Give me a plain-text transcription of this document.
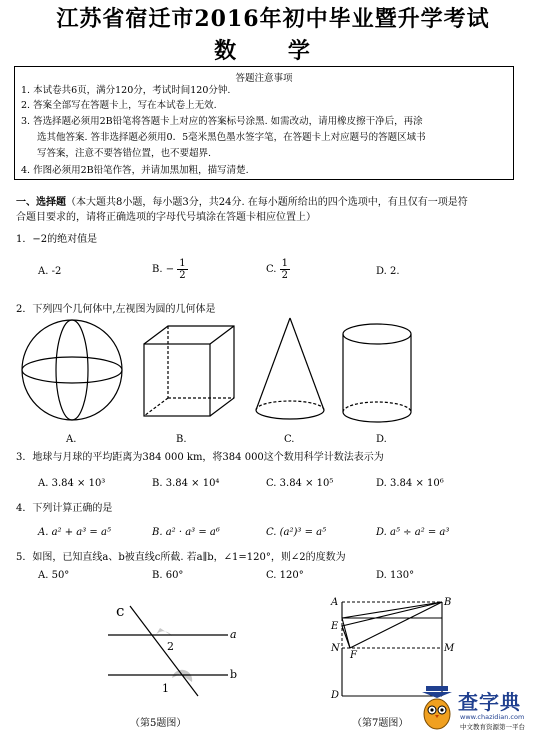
江苏省宿迁市2016年初中毕业暨升学考试
数 学
答题注意事项
1. 本试卷共6页，满分120分，考试时间120分钟.
2. 答案全部写在答题卡上，写在本试卷上无效.
3. 答选择题必须用2B铅笔将答题卡上对应的答案标号涂黑. 如需改动，请用橡皮擦干净后，再涂
选其他答案. 答非选择题必须用0．5毫米黑色墨水签字笔，在答题卡上对应题号的答题区域书
写答案，注意不要答错位置，也不要超界.
4. 作图必须用2B铅笔作答，并请加黑加粗，描写清楚.
一、选择题（本大题共8小题，每小题3分，共24分. 在每小题所给出的四个选项中，有且仅有一项是符
合题目要求的，请将正确选项的字母代号填涂在答题卡相应位置上）
1．−2的绝对值是
A. -2	B. − $\frac{1}{2}$	C. $\frac{1}{2}$	D. 2.
2．下列四个几何体中,左视图为圆的几何体是
A.	B.	C.	D.
3．地球与月球的平均距离为384 000 km，将384 000这个数用科学计数法表示为
A. 3.84 × 10³	B. 3.84 × 10⁴	C. 3.84 × 10⁵	D. 3.84 × 10⁶
4．下列计算正确的是
A. a² + a³ = a⁵	B. a² · a³ = a⁶	C. (a²)³ = a⁵	D. a⁵ ÷ a² = a³
5．如图，已知直线a、b被直线c所截. 若a∥b，∠1=120°，则∠2的度数为
A. 50°	B. 60°	C. 120°	D. 130°
c
a
b
2
1
（第5题图）
A	B
E
N
F
M
D
（第7题图）
查字典
www.chazidian.com
中文教育资源第一平台
